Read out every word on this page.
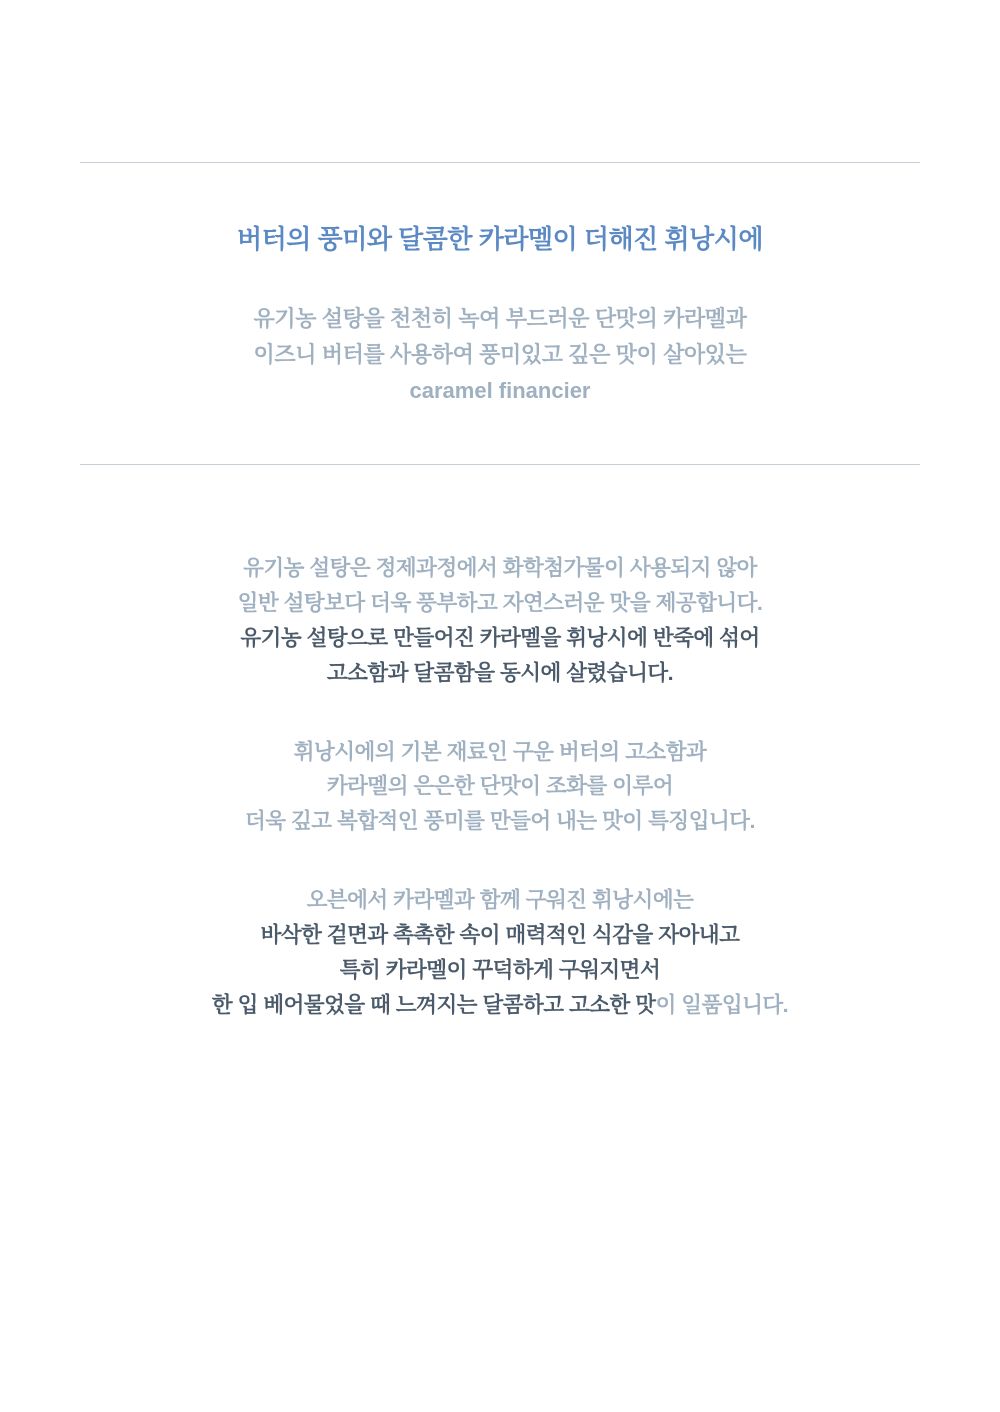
버터의 풍미와 달콤한 카라멜이 더해진 휘낭시에

유기농 설탕을 천천히 녹여 부드러운 단맛의 카라멜과
이즈니 버터를 사용하여 풍미있고 깊은 맛이 살아있는
caramel financier

유기농 설탕은 정제과정에서 화학첨가물이 사용되지 않아
일반 설탕보다 더욱 풍부하고 자연스러운 맛을 제공합니다.
유기농 설탕으로 만들어진 카라멜을 휘낭시에 반죽에 섞어
고소함과 달콤함을 동시에 살렸습니다.

휘낭시에의 기본 재료인 구운 버터의 고소함과
카라멜의 은은한 단맛이 조화를 이루어
더욱 깊고 복합적인 풍미를 만들어 내는 맛이 특징입니다.

오븐에서 카라멜과 함께 구워진 휘낭시에는
바삭한 겉면과 촉촉한 속이 매력적인 식감을 자아내고
특히 카라멜이 꾸덕하게 구워지면서
한 입 베어물었을 때 느껴지는 달콤하고 고소한 맛이 일품입니다.
